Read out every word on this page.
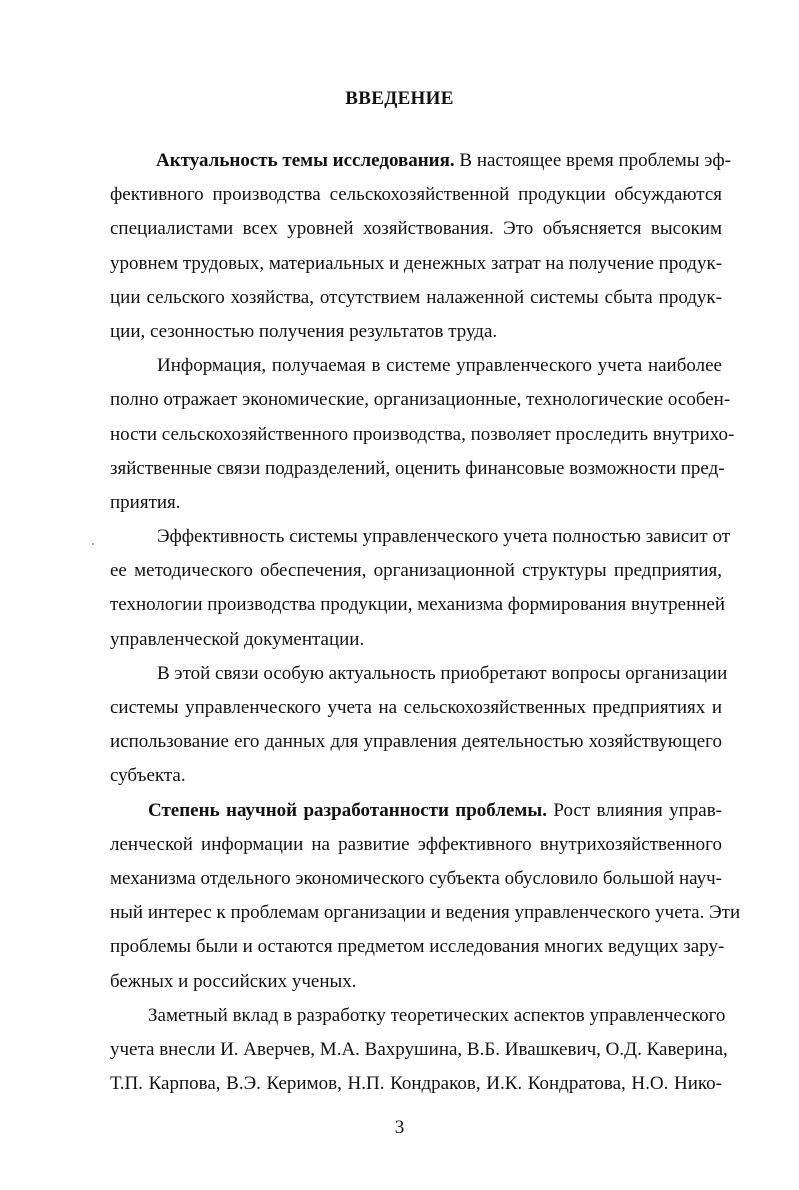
ВВЕДЕНИЕ
Актуальность темы исследования. В настоящее время проблемы эф-
фективного производства сельскохозяйственной продукции обсуждаются
специалистами всех уровней хозяйствования. Это объясняется высоким
уровнем трудовых, материальных и денежных затрат на получение продук-
ции сельского хозяйства, отсутствием налаженной системы сбыта продук-
ции, сезонностью получения результатов труда.
Информация, получаемая в системе управленческого учета наиболее
полно отражает экономические, организационные, технологические особен-
ности сельскохозяйственного производства, позволяет проследить внутрихо-
зяйственные связи подразделений, оценить финансовые возможности пред-
приятия.
Эффективность системы управленческого учета полностью зависит от
ее методического обеспечения, организационной структуры предприятия,
технологии производства продукции, механизма формирования внутренней
управленческой документации.
В этой связи особую актуальность приобретают вопросы организации
системы управленческого учета на сельскохозяйственных предприятиях и
использование его данных для управления деятельностью хозяйствующего
субъекта.
Степень научной разработанности проблемы. Рост влияния управ-
ленческой информации на развитие эффективного внутрихозяйственного
механизма отдельного экономического субъекта обусловило большой науч-
ный интерес к проблемам организации и ведения управленческого учета. Эти
проблемы были и остаются предметом исследования многих ведущих зару-
бежных и российских ученых.
Заметный вклад в разработку теоретических аспектов управленческого
учета внесли И. Аверчев, М.А. Вахрушина, В.Б. Ивашкевич, О.Д. Каверина,
Т.П. Карпова, В.Э. Керимов, Н.П. Кондраков, И.К. Кондратова, Н.О. Нико-
3
